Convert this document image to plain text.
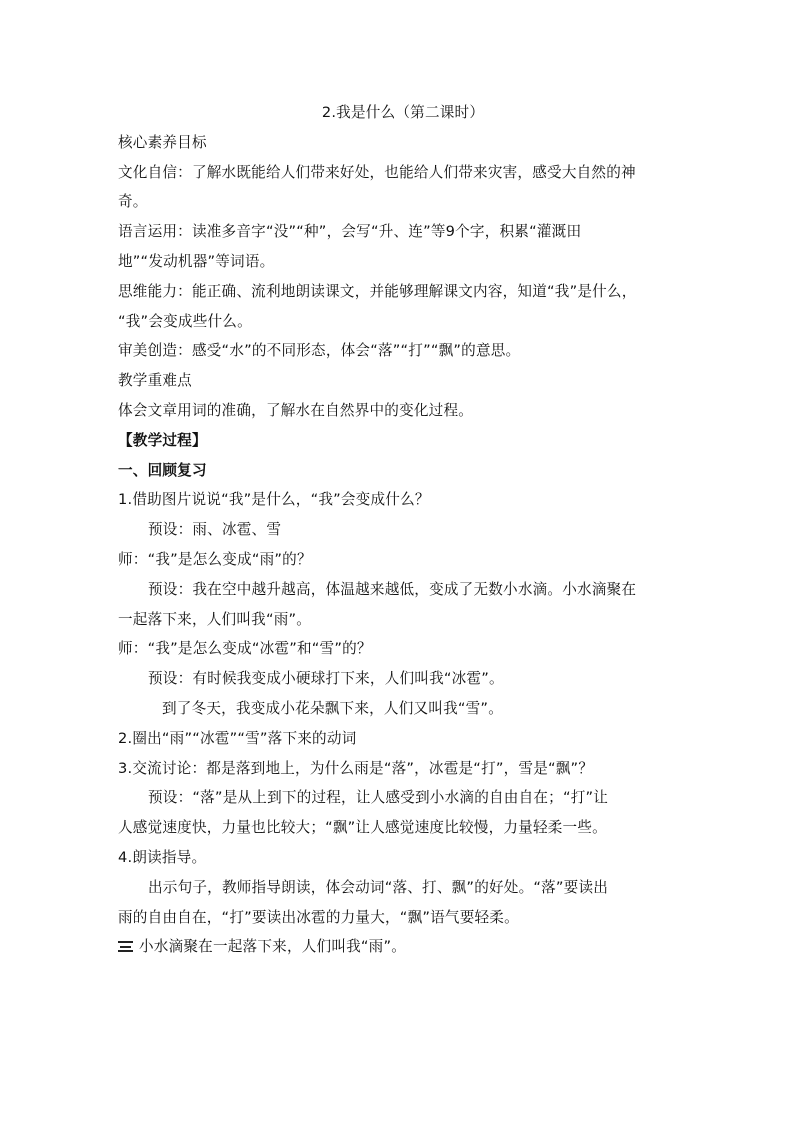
2.我是什么（第二课时）
核心素养目标
文化自信：了解水既能给人们带来好处，也能给人们带来灾害，感受大自然的神
奇。
语言运用：读准多音字“没”“种”，会写“升、连”等9个字，积累“灌溉田
地”“发动机器”等词语。
思维能力：能正确、流利地朗读课文，并能够理解课文内容，知道“我”是什么，
“我”会变成些什么。
审美创造：感受“水”的不同形态，体会“落”“打”“飘”的意思。
教学重难点
体会文章用词的准确，了解水在自然界中的变化过程。
【教学过程】
一、回顾复习
1.借助图片说说“我”是什么，“我”会变成什么？
预设：雨、冰雹、雪
师：“我”是怎么变成“雨”的？
预设：我在空中越升越高，体温越来越低，变成了无数小水滴。小水滴聚在
一起落下来，人们叫我“雨”。
师：“我”是怎么变成“冰雹”和“雪”的？
预设：有时候我变成小硬球打下来，人们叫我“冰雹”。
到了冬天，我变成小花朵飘下来，人们又叫我“雪”。
2.圈出“雨”“冰雹”“雪”落下来的动词
3.交流讨论：都是落到地上，为什么雨是“落”，冰雹是“打”，雪是“飘”？
预设：“落”是从上到下的过程，让人感受到小水滴的自由自在；“打”让
人感觉速度快，力量也比较大；“飘”让人感觉速度比较慢，力量轻柔一些。
4.朗读指导。
出示句子，教师指导朗读，体会动词“落、打、飘”的好处。“落”要读出
雨的自由自在，“打”要读出冰雹的力量大，“飘”语气要轻柔。
小水滴聚在一起落下来，人们叫我“雨”。
